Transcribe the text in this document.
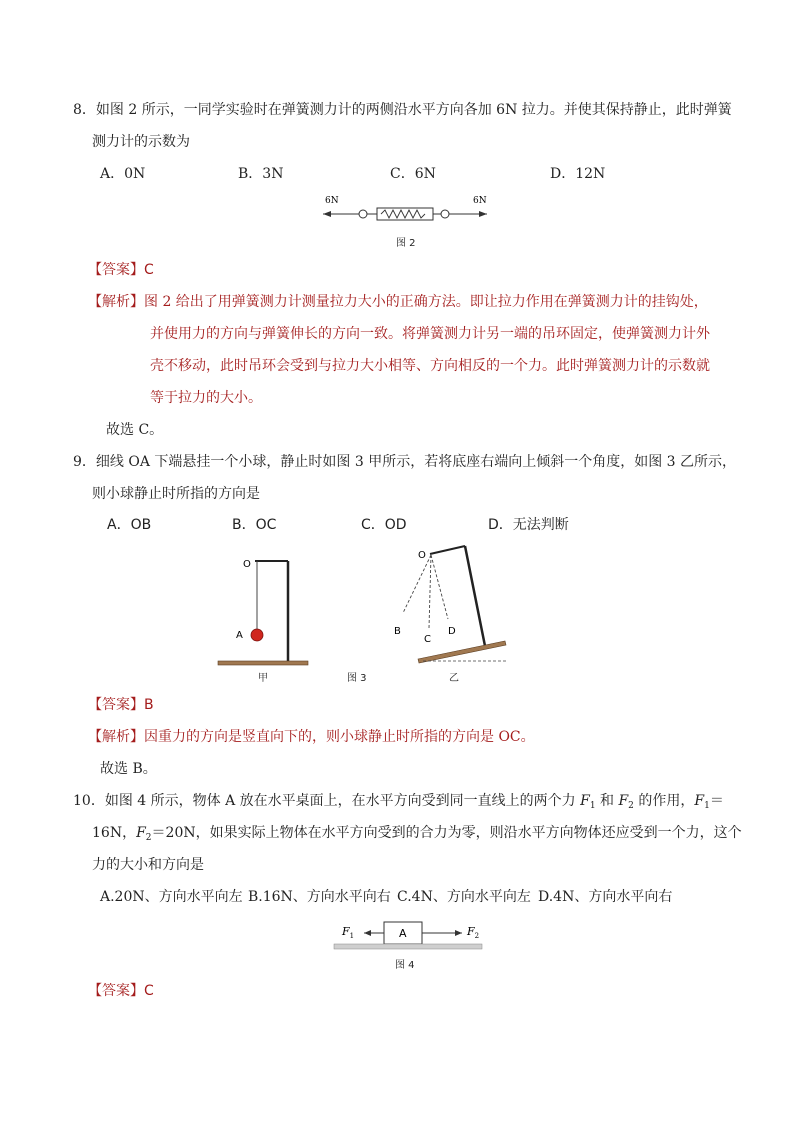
8．如图 2 所示，一同学实验时在弹簧测力计的两侧沿水平方向各加 6N 拉力。并使其保持静止，此时弹簧
测力计的示数为
A．0N	B．3N	C．6N	D．12N
6N	6N
图 2
【答案】C
【解析】图 2 给出了用弹簧测力计测量拉力大小的正确方法。即让拉力作用在弹簧测力计的挂钩处，
并使用力的方向与弹簧伸长的方向一致。将弹簧测力计另一端的吊环固定，使弹簧测力计外
壳不移动，此时吊环会受到与拉力大小相等、方向相反的一个力。此时弹簧测力计的示数就
等于拉力的大小。
故选 C。
9．细线 OA 下端悬挂一个小球，静止时如图 3 甲所示，若将底座右端向上倾斜一个角度，如图 3 乙所示，
则小球静止时所指的方向是
A．OB	B．OC	C．OD	D．无法判断
O
A
O
B
C
D
甲	图 3	乙
【答案】B
【解析】因重力的方向是竖直向下的，则小球静止时所指的方向是 OC。
故选 B。
10．如图 4 所示，物体 A 放在水平桌面上，在水平方向受到同一直线上的两个力 $F_1$ 和 $F_2$ 的作用，$F_1=$
16N，$F_2=20N$，如果实际上物体在水平方向受到的合力为零，则沿水平方向物体还应受到一个力，这个
力的大小和方向是
A.20N、方向水平向左 B.16N、方向水平向右 C.4N、方向水平向左 D.4N、方向水平向右
$F_1$	A	$F_2$
图 4
【答案】C
